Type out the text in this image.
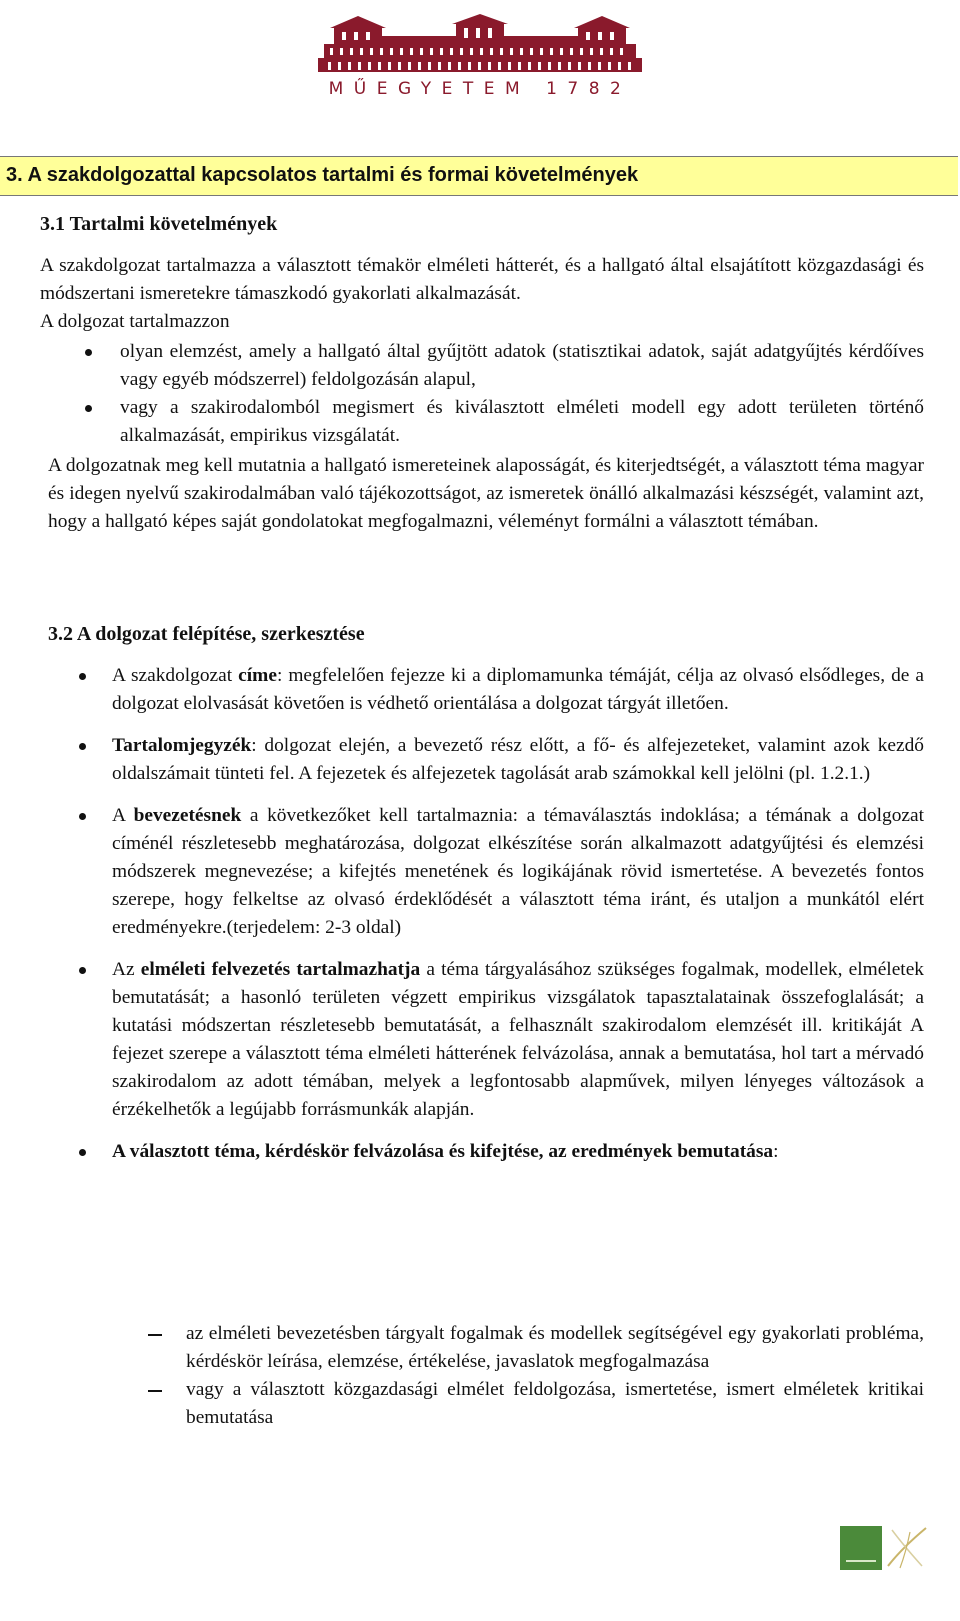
MŰEGYETEM 1782
3. A szakdolgozattal kapcsolatos tartalmi és formai követelmények
3.1 Tartalmi követelmények

A szakdolgozat tartalmazza a választott témakör elméleti hátterét, és a hallgató által elsajátított közgazdasági és módszertani ismeretekre támaszkodó gyakorlati alkalmazását.

A dolgozat tartalmazzon

olyan elemzést, amely a hallgató által gyűjtött adatok (statisztikai adatok, saját adatgyűjtés kérdőíves vagy egyéb módszerrel) feldolgozásán alapul,
vagy a szakirodalomból megismert és kiválasztott elméleti modell egy adott területen történő alkalmazását, empirikus vizsgálatát.

A dolgozatnak meg kell mutatnia a hallgató ismereteinek alaposságát, és kiterjedtségét, a választott téma magyar és idegen nyelvű szakirodalmában való tájékozottságot, az ismeretek önálló alkalmazási készségét, valamint azt, hogy a hallgató képes saját gondolatokat megfogalmazni, véleményt formálni a választott témában.

3.2 A dolgozat felépítése, szerkesztése
A szakdolgozat címe: megfelelően fejezze ki a diplomamunka témáját, célja az olvasó elsődleges, de a dolgozat elolvasását követően is védhető orientálása a dolgozat tárgyát illetően.
Tartalomjegyzék: dolgozat elején, a bevezető rész előtt, a fő- és alfejezeteket, valamint azok kezdő oldalszámait tünteti fel. A fejezetek és alfejezetek tagolását arab számokkal kell jelölni (pl. 1.2.1.)
A bevezetésnek a következőket kell tartalmaznia: a témaválasztás indoklása; a témának a dolgozat címénél részletesebb meghatározása, dolgozat elkészítése során alkalmazott adatgyűjtési és elemzési módszerek megnevezése; a kifejtés menetének és logikájának rövid ismertetése. A bevezetés fontos szerepe, hogy felkeltse az olvasó érdeklődését a választott téma iránt, és utaljon a munkától elért eredményekre.(terjedelem: 2-3 oldal)
Az elméleti felvezetés tartalmazhatja a téma tárgyalásához szükséges fogalmak, modellek, elméletek bemutatását; a hasonló területen végzett empirikus vizsgálatok tapasztalatainak összefoglalását; a kutatási módszertan részletesebb bemutatását, a felhasznált szakirodalom elemzését ill. kritikáját A fejezet szerepe a választott téma elméleti hátterének felvázolása, annak a bemutatása, hol tart a mérvadó szakirodalom az adott témában, melyek a legfontosabb alapművek, milyen lényeges változások a érzékelhetők a legújabb forrásmunkák alapján.
A választott téma, kérdéskör felvázolása és kifejtése, az eredmények bemutatása:
az elméleti bevezetésben tárgyalt fogalmak és modellek segítségével egy gyakorlati probléma, kérdéskör leírása, elemzése, értékelése, javaslatok megfogalmazása
vagy a választott közgazdasági elmélet feldolgozása, ismertetése, ismert elméletek kritikai bemutatása
